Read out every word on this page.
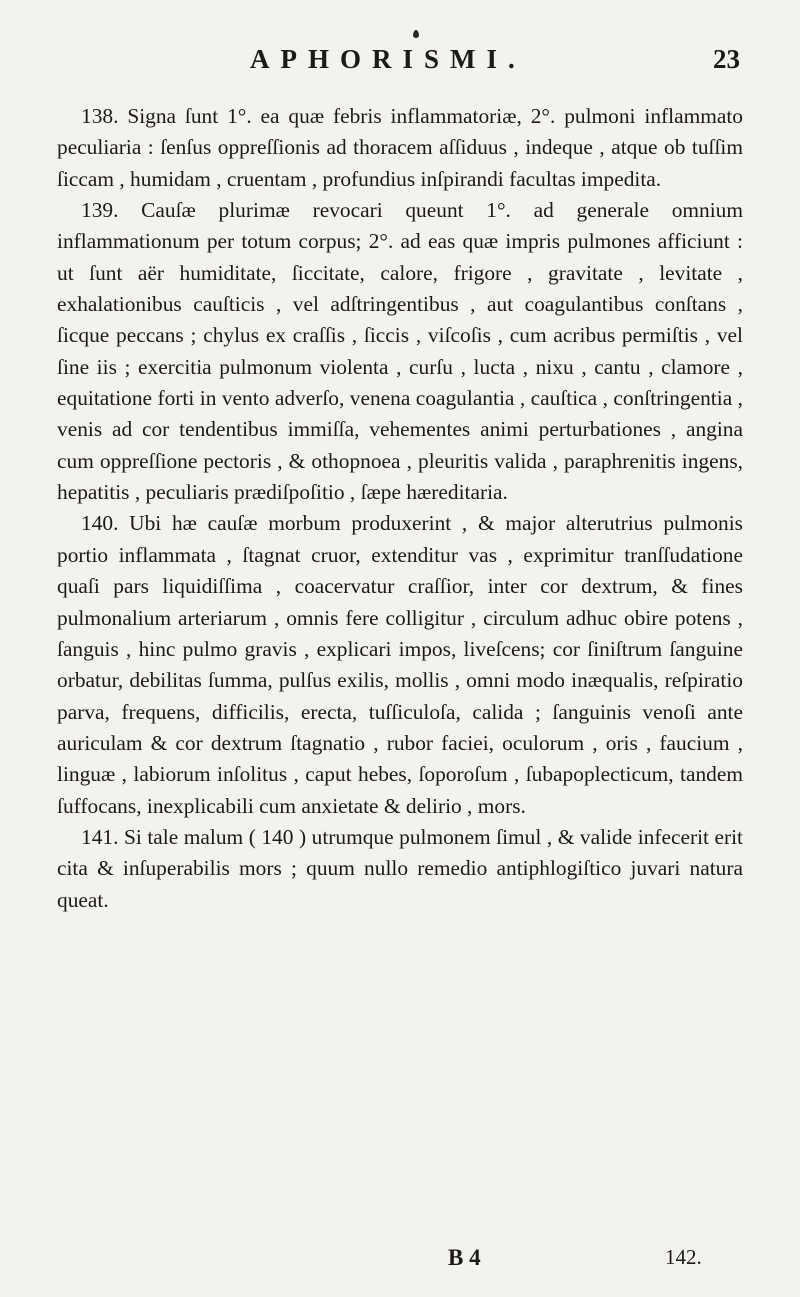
APHORISMI.	23

138. Signa ſunt 1°. ea quæ febris inflammatoriæ, 2°. pulmoni inflammato peculiaria : ſenſus oppreſſionis ad thoracem aſſiduus , indeque , atque ob tuſſim ſiccam , humidam , cruentam , profundius inſpirandi facultas impedita.

139. Cauſæ plurimæ revocari queunt 1°. ad generale omnium inflammationum per totum corpus; 2°. ad eas quæ impris pulmones afficiunt : ut ſunt aër humiditate, ſiccitate, calore, frigore , gravitate , levitate , exhalationibus cauſticis , vel adſtringentibus , aut coagulantibus conſtans , ſicque peccans ; chylus ex craſſis , ſiccis , viſcoſis , cum acribus permiſtis , vel ſine iis ; exercitia pulmonum violenta , curſu , lucta , nixu , cantu , clamore , equitatione forti in vento adverſo, venena coagulantia , cauſtica , conſtringentia , venis ad cor tendentibus immiſſa, vehementes animi perturbationes , angina cum oppreſſione pectoris , & othopnoea , pleuritis valida , paraphrenitis ingens, hepatitis , peculiaris prædiſpoſitio , ſæpe hæreditaria.

140. Ubi hæ cauſæ morbum produxerint , & major alterutrius pulmonis portio inflammata , ſtagnat cruor, extenditur vas , exprimitur tranſſudatione quaſi pars liquidiſſima , coacervatur craſſior, inter cor dextrum, & fines pulmonalium arteriarum , omnis fere colligitur , circulum adhuc obire potens , ſanguis , hinc pulmo gravis , explicari impos, liveſcens; cor ſiniſtrum ſanguine orbatur, debilitas ſumma, pulſus exilis, mollis , omni modo inæqualis, reſpiratio parva, frequens, difficilis, erecta, tuſſiculoſa, calida ; ſanguinis venoſi ante auriculam & cor dextrum ſtagnatio , rubor faciei, oculorum , oris , faucium , linguæ , labiorum inſolitus , caput hebes, ſoporoſum , ſubapoplecticum, tandem ſuffocans, inexplicabili cum anxietate & delirio , mors.

141. Si tale malum ( 140 ) utrumque pulmonem ſimul , & valide infecerit erit cita & inſuperabilis mors ; quum nullo remedio antiphlogiſtico juvari natura queat.

B 4	142.
